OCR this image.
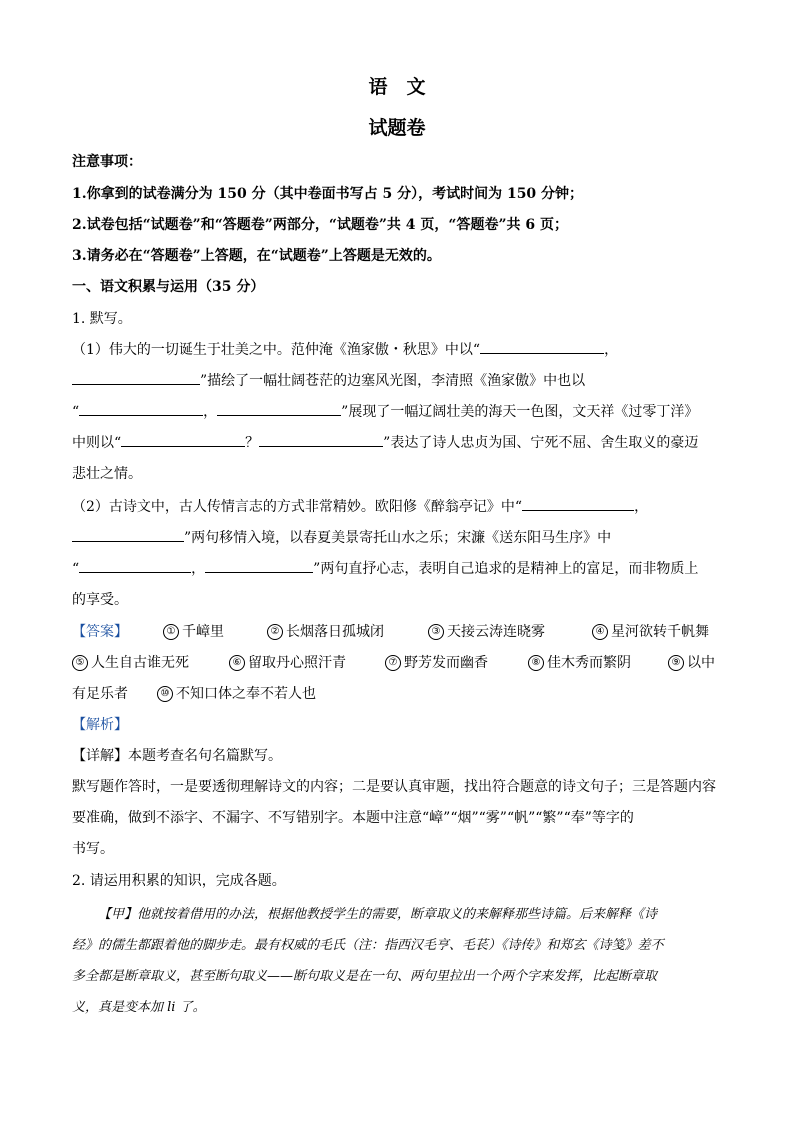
语　文
试题卷
注意事项：
1.你拿到的试卷满分为 150 分（其中卷面书写占 5 分），考试时间为 150 分钟；
2.试卷包括“试题卷”和“答题卷”两部分，“试题卷”共 4 页，“答题卷”共 6 页；
3.请务必在“答题卷”上答题，在“试题卷”上答题是无效的。
一、语文积累与运用（35 分）
1. 默写。
（1）伟大的一切诞生于壮美之中。范仲淹《渔家傲・秋思》中以“	，
”描绘了一幅壮阔苍茫的边塞风光图，李清照《渔家傲》中也以
“	，	”展现了一幅辽阔壮美的海天一色图，文天祥《过零丁洋》
中则以“	？	”表达了诗人忠贞为国、宁死不屈、舍生取义的豪迈
悲壮之情。
（2）古诗文中，古人传情言志的方式非常精妙。欧阳修《醉翁亭记》中“	，
”两句移情入境，以春夏美景寄托山水之乐；宋濂《送东阳马生序》中
“	，	”两句直抒心志，表明自己追求的是精神上的富足，而非物质上
的享受。
【答案】	① 千嶂里	② 长烟落日孤城闭	③ 天接云涛连晓雾	④ 星河欲转千帆舞
⑤ 人生自古谁无死	⑥ 留取丹心照汗青	⑦ 野芳发而幽香	⑧ 佳木秀而繁阴	⑨ 以中
有足乐者	⑩ 不知口体之奉不若人也
【解析】
【详解】本题考查名句名篇默写。
默写题作答时，一是要透彻理解诗文的内容；二是要认真审题，找出符合题意的诗文句子；三是答题内容
要准确，做到不添字、不漏字、不写错别字。本题中注意“嶂”“烟”“雾”“帆”“繁”“奉”等字的
书写。
2. 请运用积累的知识，完成各题。
【甲】他就按着借用的办法，根据他教授学生的需要，断章取义的来解释那些诗篇。后来解释《诗
经》的儒生都跟着他的脚步走。最有权威的毛氏（注：指西汉毛亨、毛苌）《诗传》和郑玄《诗笺》差不
多全都是断章取义，甚至断句取义——断句取义是在一句、两句里拉出一个两个字来发挥，比起断章取
义，真是变本加 li 了。
